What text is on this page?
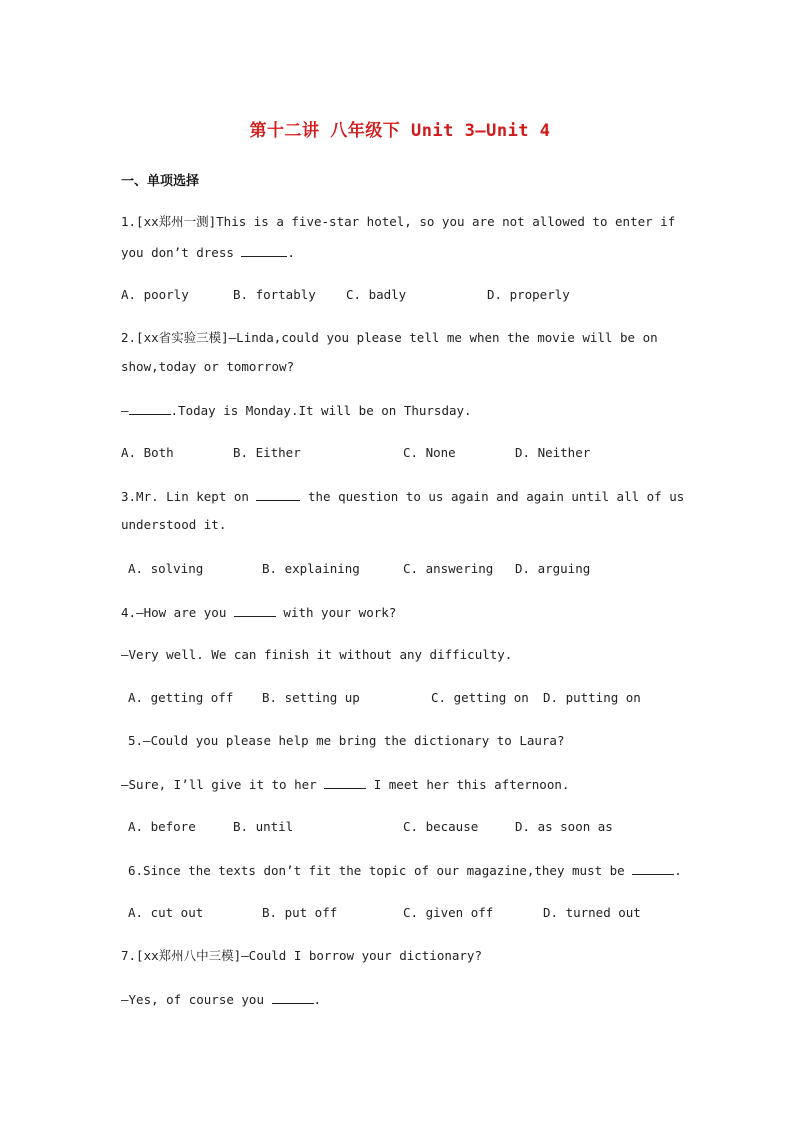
第十二讲 八年级下 Unit 3—Unit 4
一、单项选择
1.[xx郑州一测]This is a five-star hotel, so you are not allowed to enter if
you don’t dress	.
A. poorly	B. fortably C. badly	D. properly
2.[xx省实验三模]—Linda,could you please tell me when the movie will be on
show,today or tomorrow?
—	.Today is Monday.It will be on Thursday.
A. Both	B. Either	C. None	D. Neither
3.Mr. Lin kept on	the question to us again and again until all of us
understood it.
A. solving	B. explaining	C. answering D. arguing
4.—How are you	with your work?
—Very well. We can finish it without any difficulty.
A. getting off B. setting up	C. getting on D. putting on
5.—Could you please help me bring the dictionary to Laura?
—Sure, I’ll give it to her	I meet her this afternoon.
A. before	B. until	C. because	D. as soon as
6.Since the texts don’t fit the topic of our magazine,they must be	.
A. cut out	B. put off	C. given off	D. turned out
7.[xx郑州八中三模]—Could I borrow your dictionary?
—Yes, of course you	.
